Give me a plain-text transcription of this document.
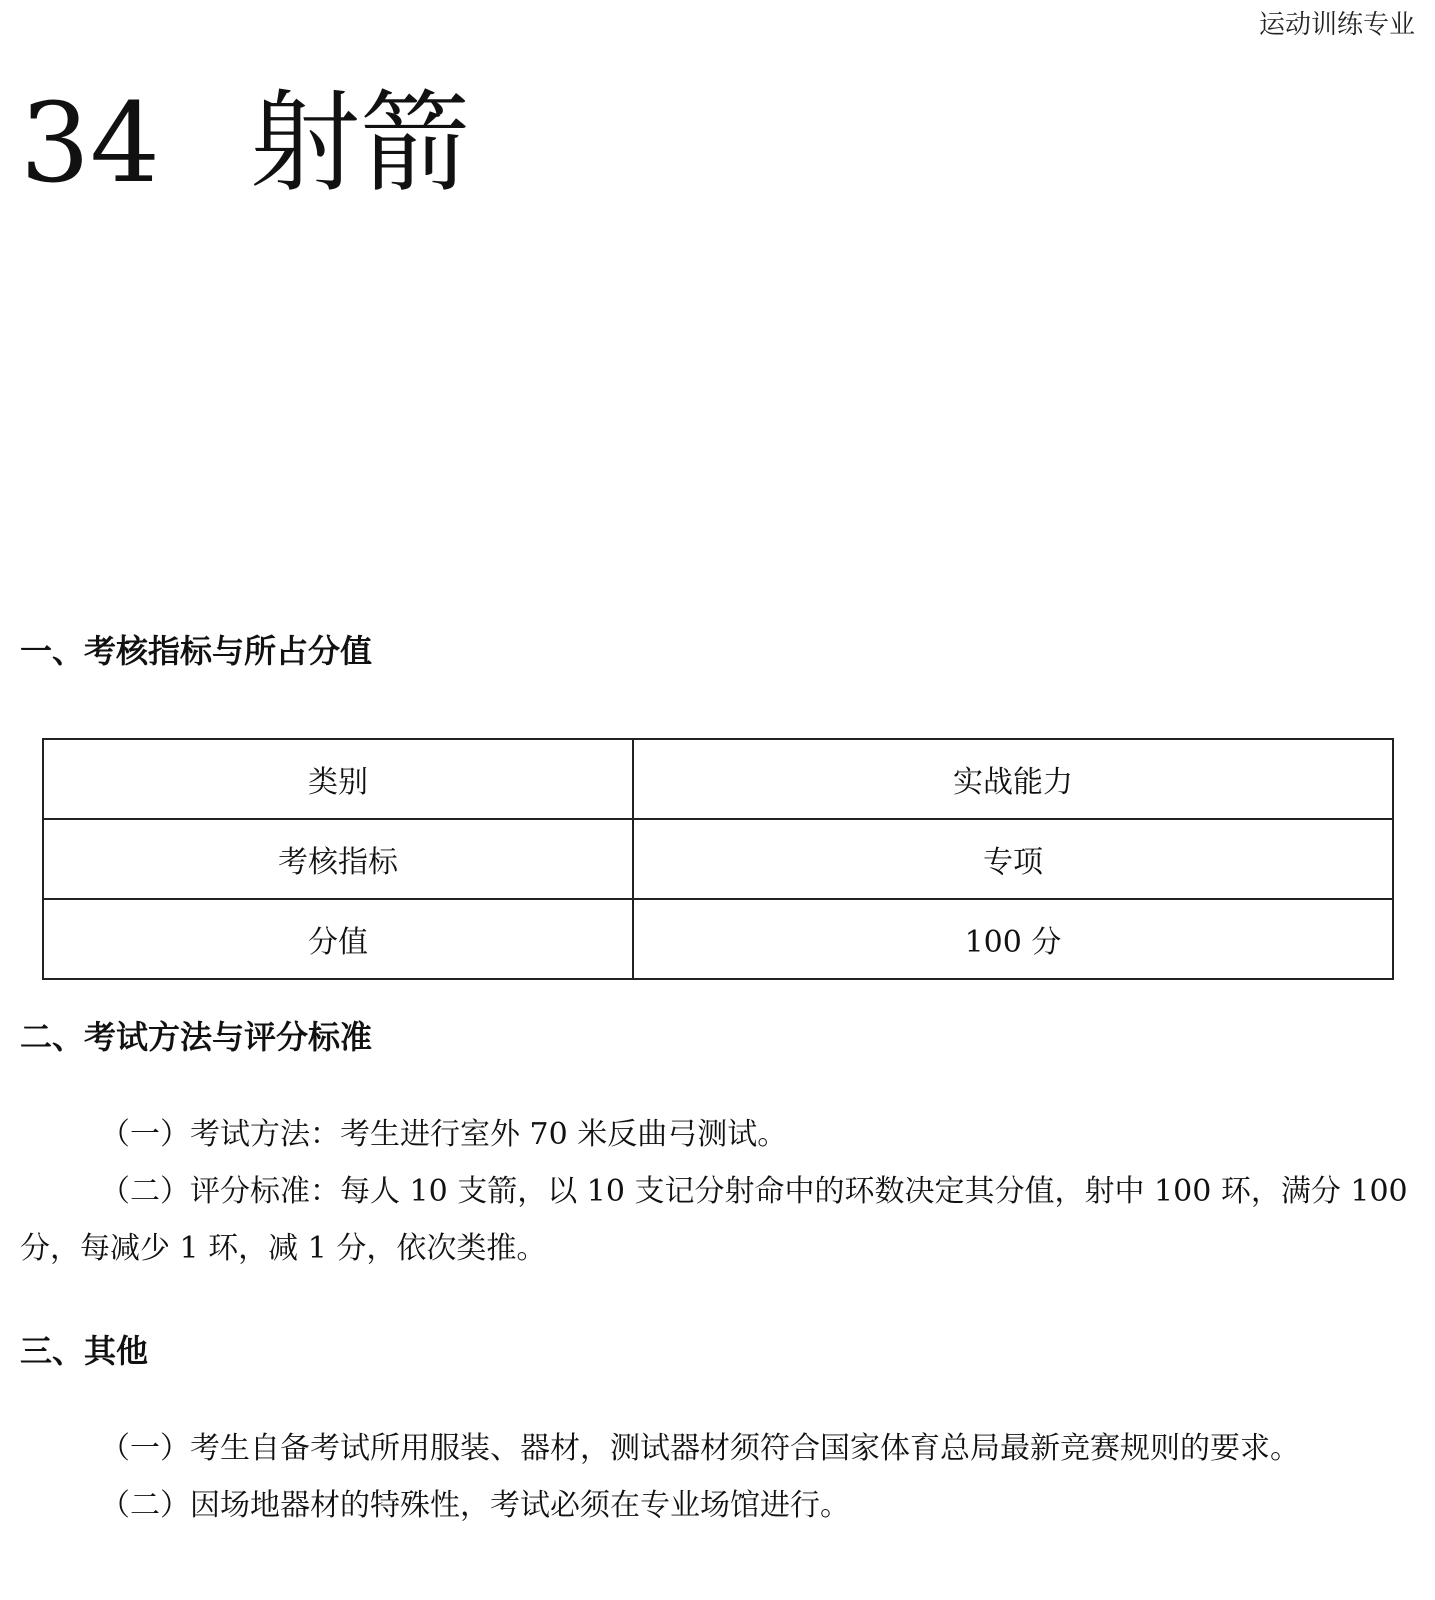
运动训练专业
34 射箭
一、考核指标与所占分值
类别	实战能力
考核指标	专项
分值	100 分
二、考试方法与评分标准

（一）考试方法：考生进行室外 70 米反曲弓测试。

（二）评分标准：每人 10 支箭，以 10 支记分射命中的环数决定其分值，射中 100 环，满分 100 分，每减少 1 环，减 1 分，依次类推。

三、其他

（一）考生自备考试所用服装、器材，测试器材须符合国家体育总局最新竞赛规则的要求。

（二）因场地器材的特殊性，考试必须在专业场馆进行。
